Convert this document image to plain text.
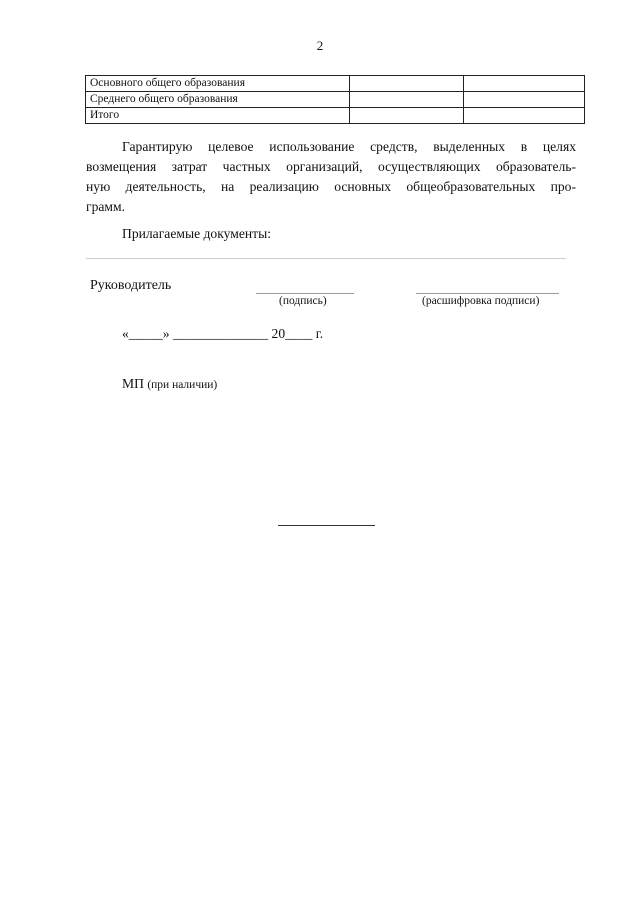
2
Основного общего образования		
Среднего общего образования		
Итого		
Гарантирую целевое использование средств, выделенных в целях
возмещения затрат частных организаций, осуществляющих образователь-
ную деятельность, на реализацию основных общеобразовательных про-
грамм.
Прилагаемые документы:
Руководитель
(подпись)	(расшифровка подписи)
«_____» ______________ 20____ г.
МП (при наличии)
